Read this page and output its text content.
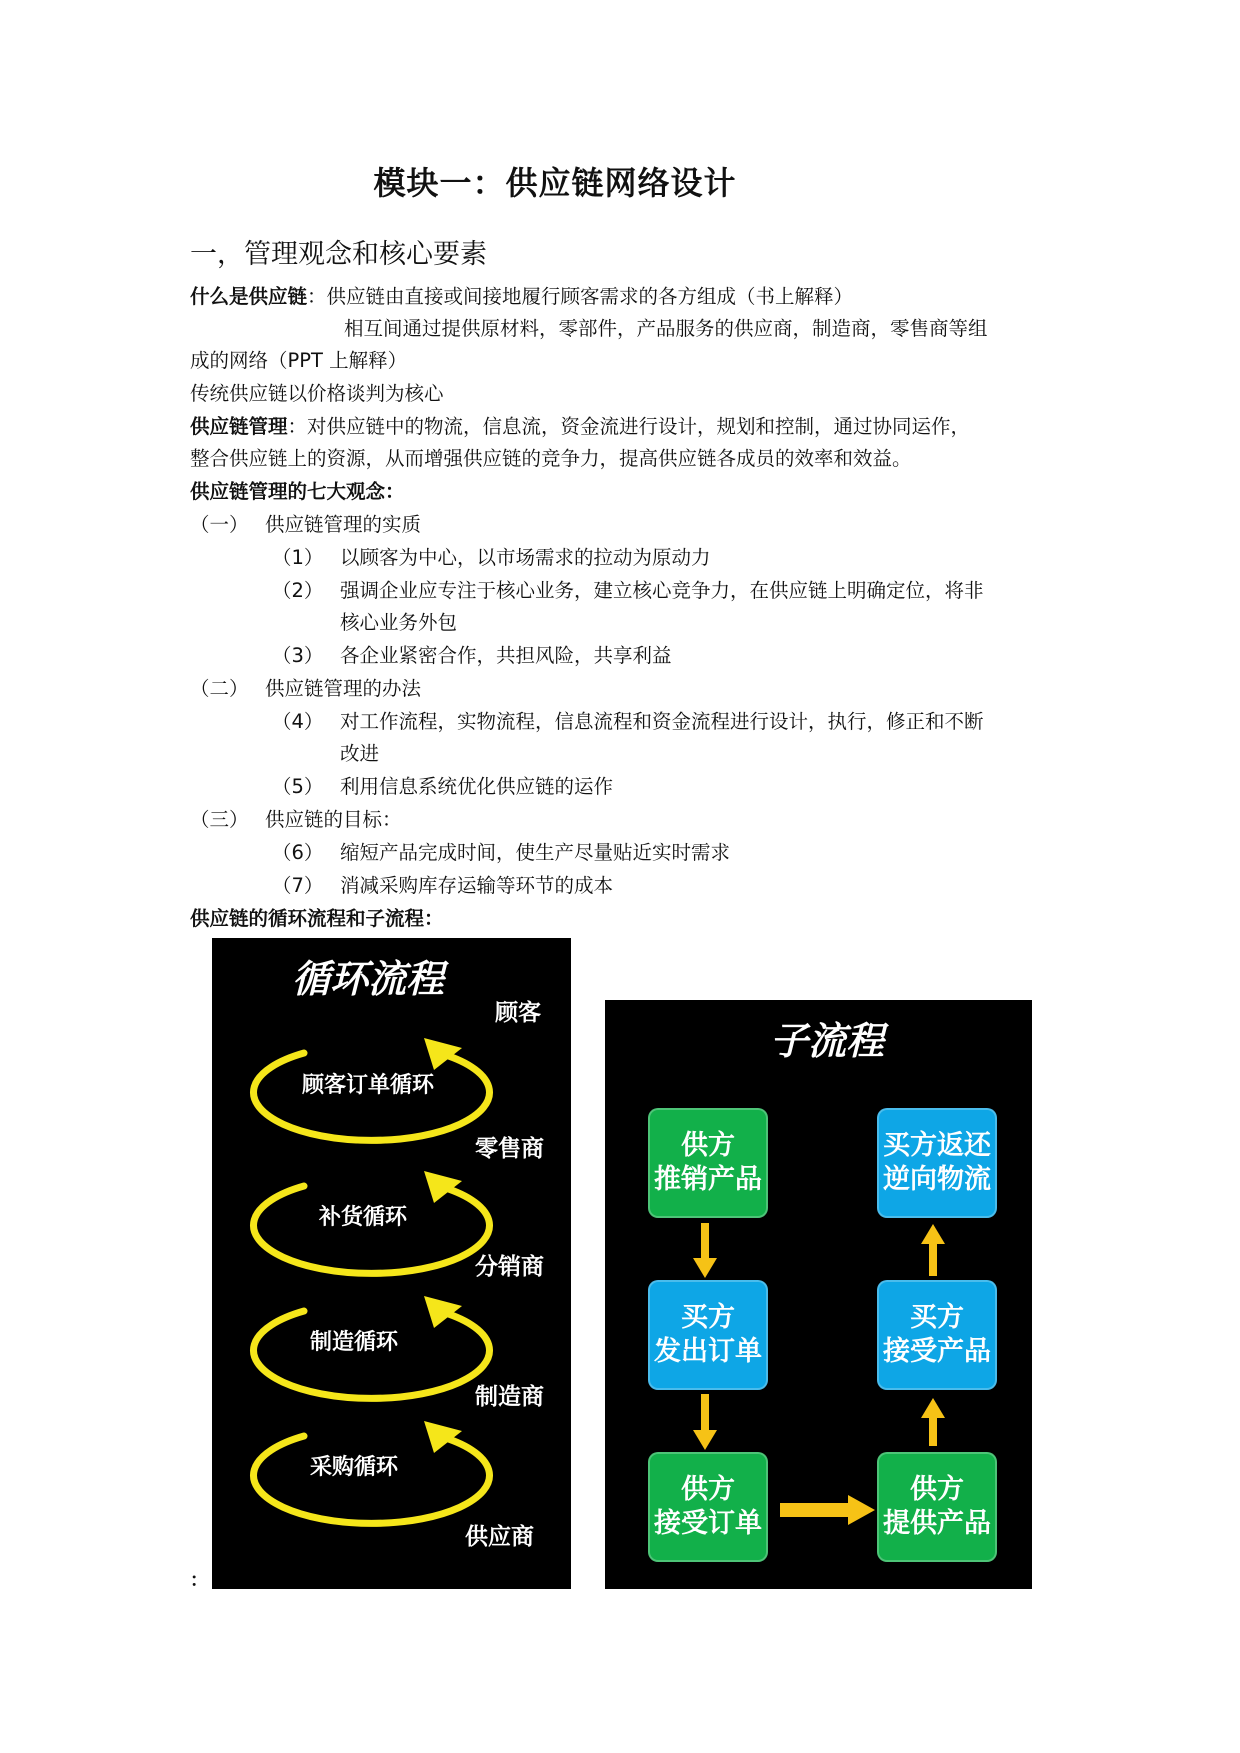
模块一：供应链网络设计
一，管理观念和核心要素
什么是供应链：供应链由直接或间接地履行顾客需求的各方组成（书上解释）
相互间通过提供原材料，零部件，产品服务的供应商，制造商，零售商等组
成的网络（PPT 上解释）
传统供应链以价格谈判为核心
供应链管理：对供应链中的物流，信息流，资金流进行设计，规划和控制，通过协同运作，
整合供应链上的资源，从而增强供应链的竞争力，提高供应链各成员的效率和效益。
供应链管理的七大观念：
（一） 供应链管理的实质
（1） 以顾客为中心，以市场需求的拉动为原动力
（2） 强调企业应专注于核心业务，建立核心竞争力，在供应链上明确定位，将非
核心业务外包
（3） 各企业紧密合作，共担风险，共享利益
（二） 供应链管理的办法
（4） 对工作流程，实物流程，信息流程和资金流程进行设计，执行，修正和不断
改进
（5） 利用信息系统优化供应链的运作
（三） 供应链的目标：
（6） 缩短产品完成时间，使生产尽量贴近实时需求
（7） 消减采购库存运输等环节的成本
供应链的循环流程和子流程：
循环流程
顾客
顾客订单循环
零售商
补货循环
分销商
制造循环
制造商
采购循环
供应商
子流程
供方
推销产品
买方
发出订单
供方
接受订单
供方
提供产品
买方
接受产品
买方返还
逆向物流
：
